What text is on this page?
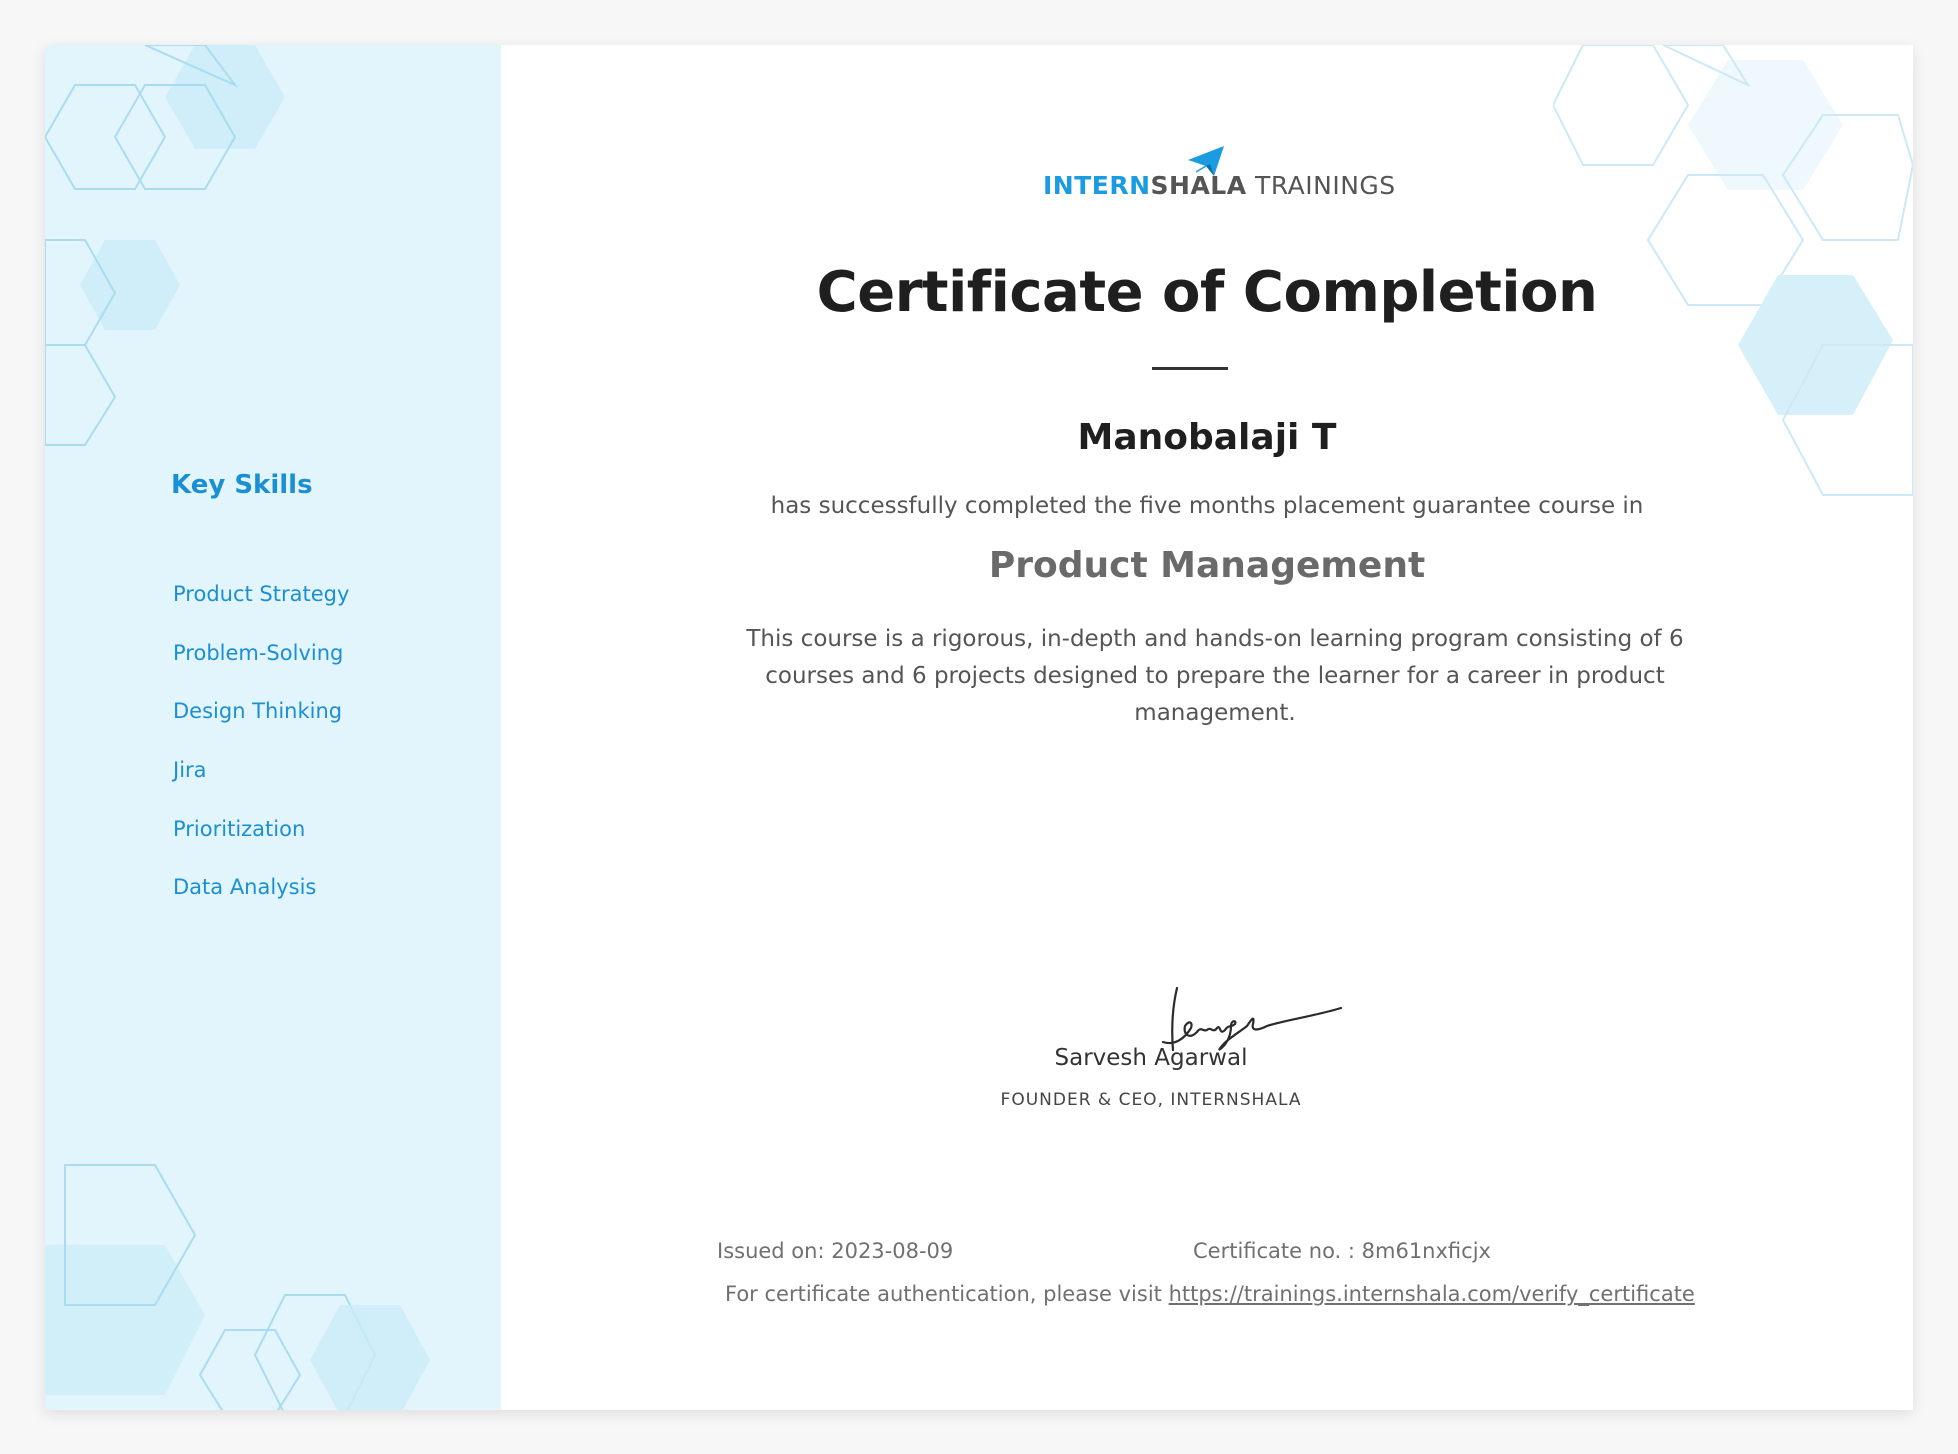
Key Skills
Product Strategy
Problem-Solving
Design Thinking
Jira
Prioritization
Data Analysis
INTERNSHALA TRAININGS
Certificate of Completion
Manobalaji T

has successfully completed the five months placement guarantee course in

Product Management

This course is a rigorous, in-depth and hands-on learning program consisting of 6 courses and 6 projects designed to prepare the learner for a career in product management.

Sarvesh Agarwal

FOUNDER & CEO, INTERNSHALA

Issued on: 2023-08-09	Certificate no. : 8m61nxficjx
For certificate authentication, please visit https://trainings.internshala.com/verify_certificate
